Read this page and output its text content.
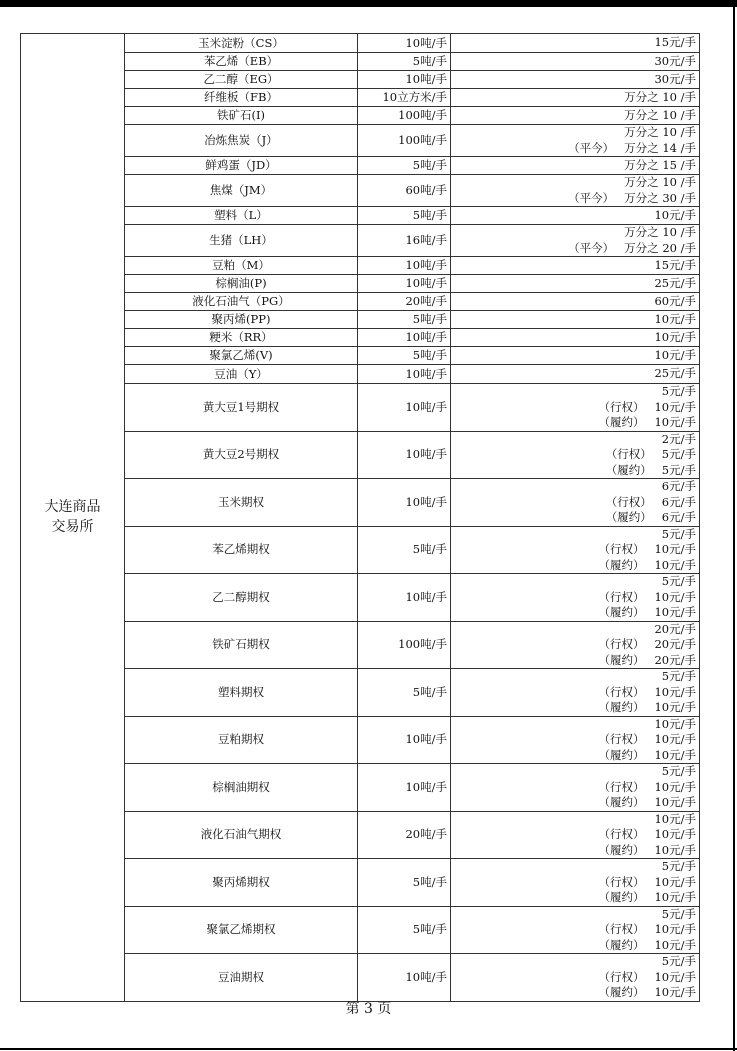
大连商品
交易所	玉米淀粉（CS）	10吨/手	15元/手

	苯乙烯（EB）	5吨/手	30元/手

	乙二醇（EG）	10吨/手	30元/手

	纤维板（FB）	10立方米/手	万分之 10 /手

	铁矿石(I)	100吨/手	万分之 10 /手

	冶炼焦炭（J）	100吨/手	万分之 10 /手
（平今） 万分之 14 /手

	鲜鸡蛋（JD）	5吨/手	万分之 15 /手

	焦煤（JM）	60吨/手	万分之 10 /手
（平今） 万分之 30 /手

	塑料（L）	5吨/手	10元/手

	生猪（LH）	16吨/手	万分之 10 /手
（平今） 万分之 20 /手

	豆粕（M）	10吨/手	15元/手

	棕榈油(P)	10吨/手	25元/手

	液化石油气（PG）	20吨/手	60元/手

	聚丙烯(PP)	5吨/手	10元/手

	粳米（RR）	10吨/手	10元/手

	聚氯乙烯(V)	5吨/手	10元/手

	豆油（Y）	10吨/手	25元/手

	黄大豆1号期权	10吨/手	5元/手
（行权） 10元/手
（履约） 10元/手

	黄大豆2号期权	10吨/手	2元/手
（行权） 5元/手
（履约） 5元/手

	玉米期权	10吨/手	6元/手
（行权） 6元/手
（履约） 6元/手

	苯乙烯期权	5吨/手	5元/手
（行权） 10元/手
（履约） 10元/手

	乙二醇期权	10吨/手	5元/手
（行权） 10元/手
（履约） 10元/手

	铁矿石期权	100吨/手	20元/手
（行权） 20元/手
（履约） 20元/手

	塑料期权	5吨/手	5元/手
（行权） 10元/手
（履约） 10元/手

	豆粕期权	10吨/手	10元/手
（行权） 10元/手
（履约） 10元/手

	棕榈油期权	10吨/手	5元/手
（行权） 10元/手
（履约） 10元/手

	液化石油气期权	20吨/手	10元/手
（行权） 10元/手
（履约） 10元/手

	聚丙烯期权	5吨/手	5元/手
（行权） 10元/手
（履约） 10元/手

	聚氯乙烯期权	5吨/手	5元/手
（行权） 10元/手
（履约） 10元/手

	豆油期权	10吨/手	5元/手
（行权） 10元/手
（履约） 10元/手
第 3 页
